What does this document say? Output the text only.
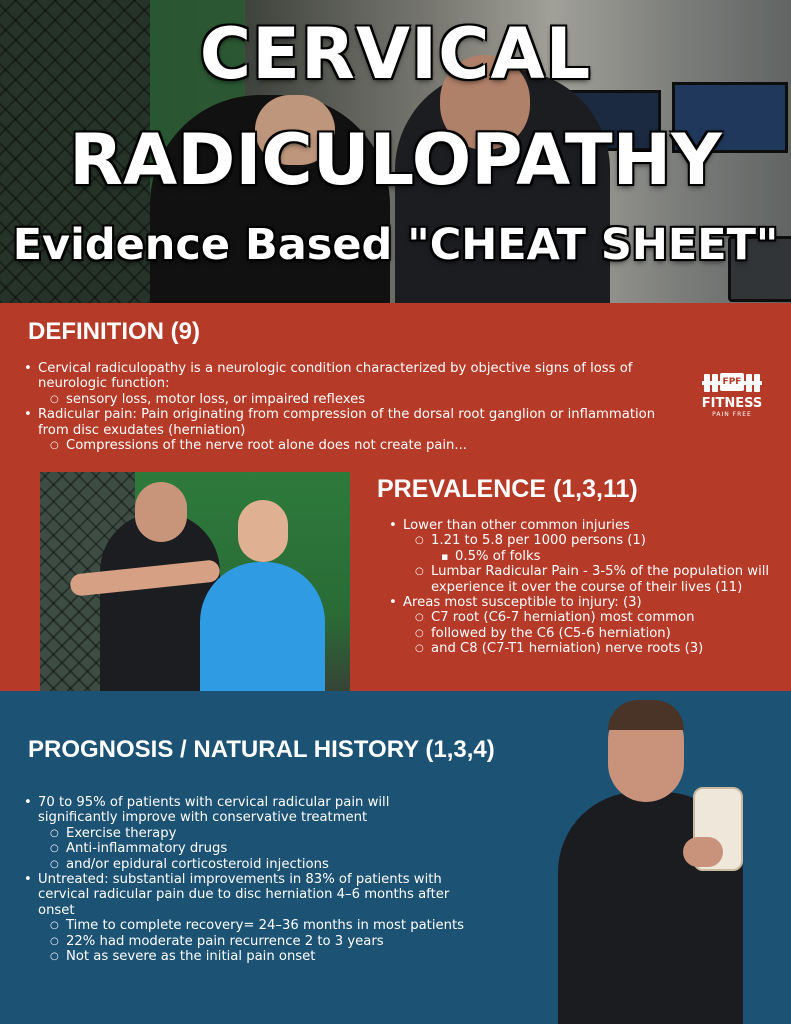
CERVICAL
RADICULOPATHY
Evidence Based "CHEAT SHEET"
DEFINITION (9)
• Cervical radiculopathy is a neurologic condition characterized by objective signs of loss of neurologic function:
○ sensory loss, motor loss, or impaired reflexes
• Radicular pain: Pain originating from compression of the dorsal root ganglion or inflammation from disc exudates (herniation)
○ Compressions of the nerve root alone does not create pain...
FPF
FITNESS
PAIN FREE
PREVALENCE (1,3,11)
• Lower than other common injuries
○ 1.21 to 5.8 per 1000 persons (1)
▪ 0.5% of folks
○ Lumbar Radicular Pain - 3-5% of the population will experience it over the course of their lives (11)
• Areas most susceptible to injury: (3)
○ C7 root (C6-7 herniation) most common
○ followed by the C6 (C5-6 herniation)
○ and C8 (C7-T1 herniation) nerve roots (3)
PROGNOSIS / NATURAL HISTORY (1,3,4)
• 70 to 95% of patients with cervical radicular pain will significantly improve with conservative treatment
○ Exercise therapy
○ Anti-inflammatory drugs
○ and/or epidural corticosteroid injections
• Untreated: substantial improvements in 83% of patients with cervical radicular pain due to disc herniation 4–6 months after onset
○ Time to complete recovery= 24–36 months in most patients
○ 22% had moderate pain recurrence 2 to 3 years
○ Not as severe as the initial pain onset
